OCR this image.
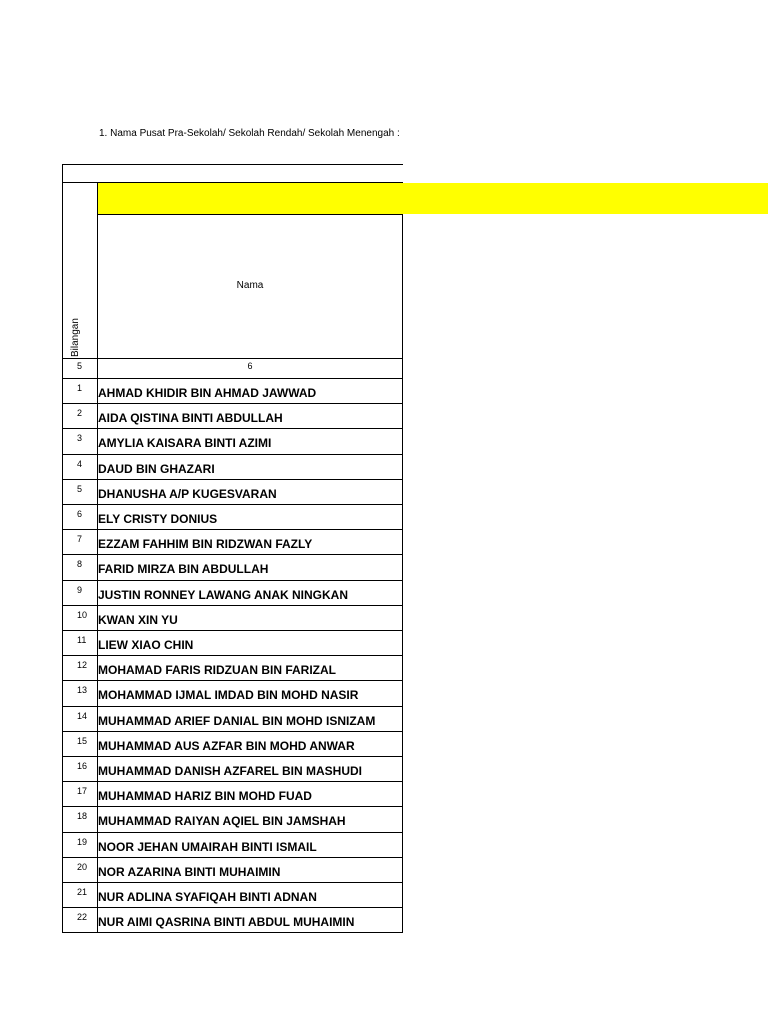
1. Nama Pusat Pra-Sekolah/ Sekolah Rendah/ Sekolah Menengah :
Bilangan
Nama
5	6
1	AHMAD KHIDIR BIN AHMAD JAWWAD
2	AIDA QISTINA BINTI ABDULLAH
3	AMYLIA KAISARA BINTI AZIMI
4	DAUD BIN GHAZARI
5	DHANUSHA A/P KUGESVARAN
6	ELY CRISTY DONIUS
7	EZZAM FAHHIM BIN RIDZWAN FAZLY
8	FARID MIRZA BIN ABDULLAH
9	JUSTIN RONNEY LAWANG ANAK NINGKAN
10 KWAN XIN YU
11 LIEW XIAO CHIN
12 MOHAMAD FARIS RIDZUAN BIN FARIZAL
13 MOHAMMAD IJMAL IMDAD BIN MOHD NASIR
14 MUHAMMAD ARIEF DANIAL BIN MOHD ISNIZAM
15 MUHAMMAD AUS AZFAR BIN MOHD ANWAR
16 MUHAMMAD DANISH AZFAREL BIN MASHUDI
17 MUHAMMAD HARIZ BIN MOHD FUAD
18 MUHAMMAD RAIYAN AQIEL BIN JAMSHAH
19 NOOR JEHAN UMAIRAH BINTI ISMAIL
20 NOR AZARINA BINTI MUHAIMIN
21 NUR ADLINA SYAFIQAH BINTI ADNAN
22 NUR AIMI QASRINA BINTI ABDUL MUHAIMIN
